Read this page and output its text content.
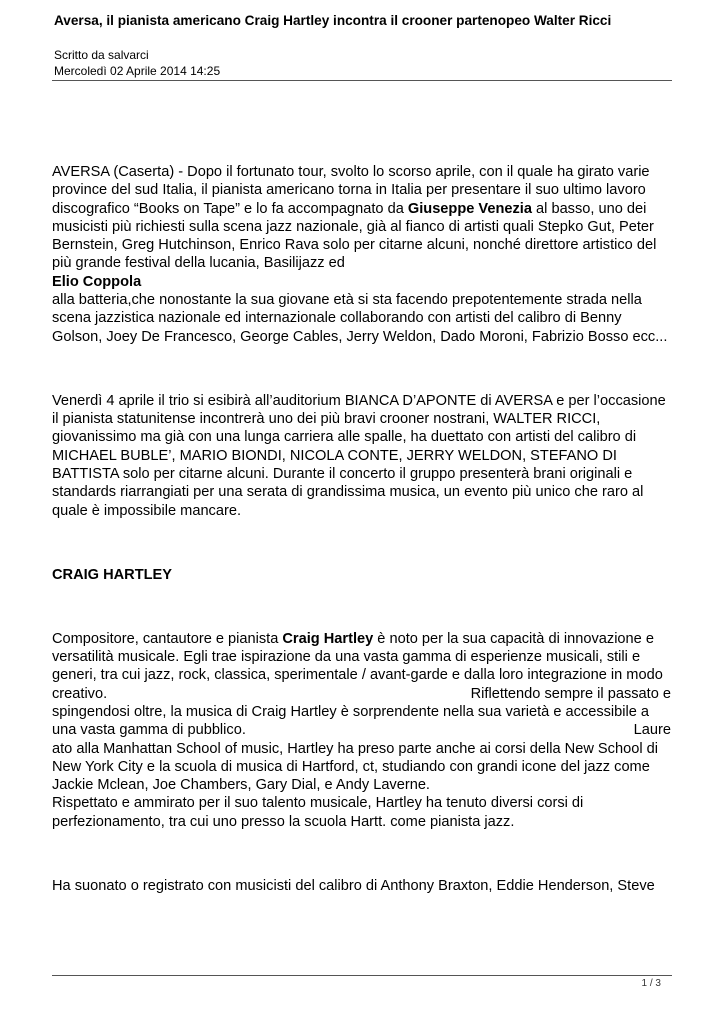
Aversa, il pianista americano Craig Hartley incontra il crooner partenopeo Walter Ricci
Scritto da salvarci
Mercoledì 02 Aprile 2014 14:25
AVERSA (Caserta) - Dopo il fortunato tour, svolto lo scorso aprile, con il quale ha girato varie
province del sud Italia, il pianista americano torna in Italia per presentare il suo ultimo lavoro
discografico “Books on Tape” e lo fa accompagnato da Giuseppe Venezia al basso, uno dei
musicisti più richiesti sulla scena jazz nazionale, già al fianco di artisti quali Stepko Gut, Peter
Bernstein, Greg Hutchinson, Enrico Rava solo per citarne alcuni, nonché direttore artistico del
più grande festival della lucania, Basilijazz ed
Elio Coppola
alla batteria,che nonostante la sua giovane età si sta facendo prepotentemente strada nella
scena jazzistica nazionale ed internazionale collaborando con artisti del calibro di Benny
Golson, Joey De Francesco, George Cables, Jerry Weldon, Dado Moroni, Fabrizio Bosso ecc...
Venerdì 4 aprile il trio si esibirà all’auditorium BIANCA D’APONTE di AVERSA e per l’occasione
il pianista statunitense incontrerà uno dei più bravi crooner nostrani, WALTER RICCI,
giovanissimo ma già con una lunga carriera alle spalle, ha duettato con artisti del calibro di
MICHAEL BUBLE’, MARIO BIONDI, NICOLA CONTE, JERRY WELDON, STEFANO DI
BATTISTA solo per citarne alcuni. Durante il concerto il gruppo presenterà brani originali e
standards riarrangiati per una serata di grandissima musica, un evento più unico che raro al
quale è impossibile mancare.
CRAIG HARTLEY
Compositore, cantautore e pianista Craig Hartley è noto per la sua capacità di innovazione e
versatilità musicale. Egli trae ispirazione da una vasta gamma di esperienze musicali, stili e
generi, tra cui jazz, rock, classica, sperimentale / avant-garde e dalla loro integrazione in modo
creativo.	Riflettendo sempre il passato e
spingendosi oltre, la musica di Craig Hartley è sorprendente nella sua varietà e accessibile a
una vasta gamma di pubblico.	Laure
ato alla Manhattan School of music, Hartley ha preso parte anche ai corsi della New School di
New York City e la scuola di musica di Hartford, ct, studiando con grandi icone del jazz come
Jackie Mclean, Joe Chambers, Gary Dial, e Andy Laverne.
Rispettato e ammirato per il suo talento musicale, Hartley ha tenuto diversi corsi di
perfezionamento, tra cui uno presso la scuola Hartt. come pianista jazz.
Ha suonato o registrato con musicisti del calibro di Anthony Braxton, Eddie Henderson, Steve
1 / 3
